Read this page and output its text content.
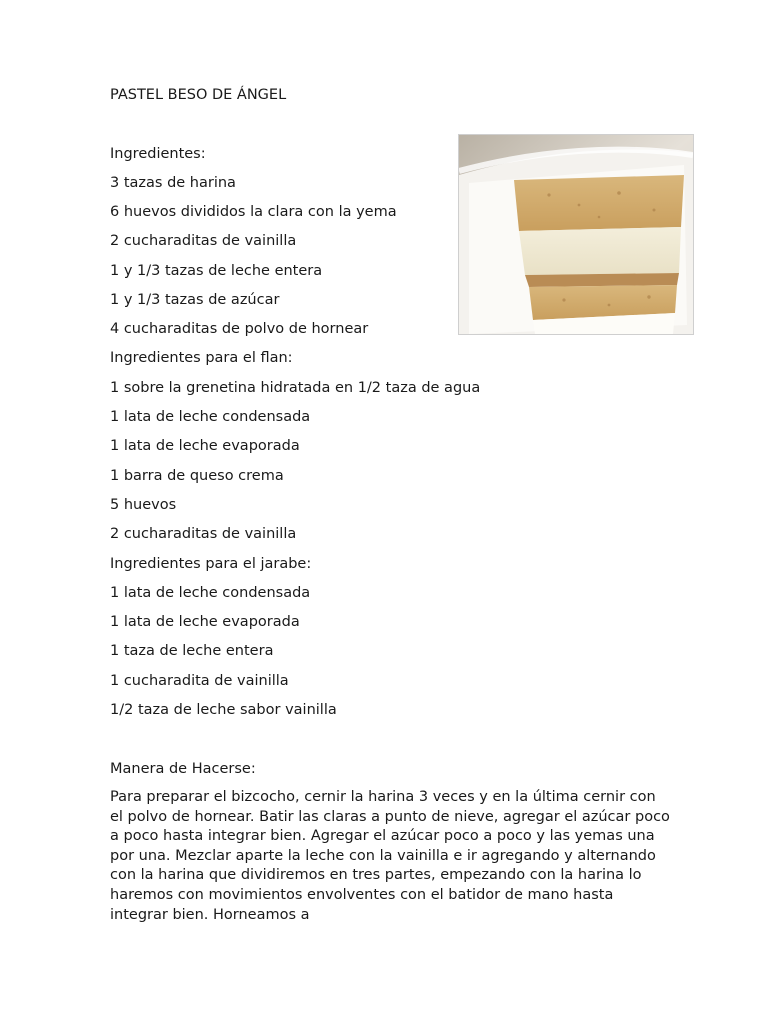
PASTEL BESO DE ÁNGEL
Ingredientes:
3 tazas de harina
6 huevos divididos la clara con la yema
2 cucharaditas de vainilla
1 y 1/3 tazas de leche entera
1 y 1/3 tazas de azúcar
4 cucharaditas de polvo de hornear
Ingredientes para el flan:
1 sobre la grenetina hidratada en 1/2 taza de agua
1 lata de leche condensada
1 lata de leche evaporada
1 barra de queso crema
5 huevos
2 cucharaditas de vainilla
Ingredientes para el jarabe:
1 lata de leche condensada
1 lata de leche evaporada
1 taza de leche entera
1 cucharadita de vainilla
1/2 taza de leche sabor vainilla
Manera de Hacerse:
Para preparar el bizcocho, cernir la harina 3 veces y en la última cernir con el polvo de hornear. Batir las claras a punto de nieve, agregar el azúcar poco a poco hasta integrar bien. Agregar el azúcar poco a poco y las yemas una por una. Mezclar aparte la leche con la vainilla e ir agregando y alternando con la harina que dividiremos en tres partes, empezando con la harina lo haremos con movimientos envolventes con el batidor de mano hasta integrar bien. Horneamos a
